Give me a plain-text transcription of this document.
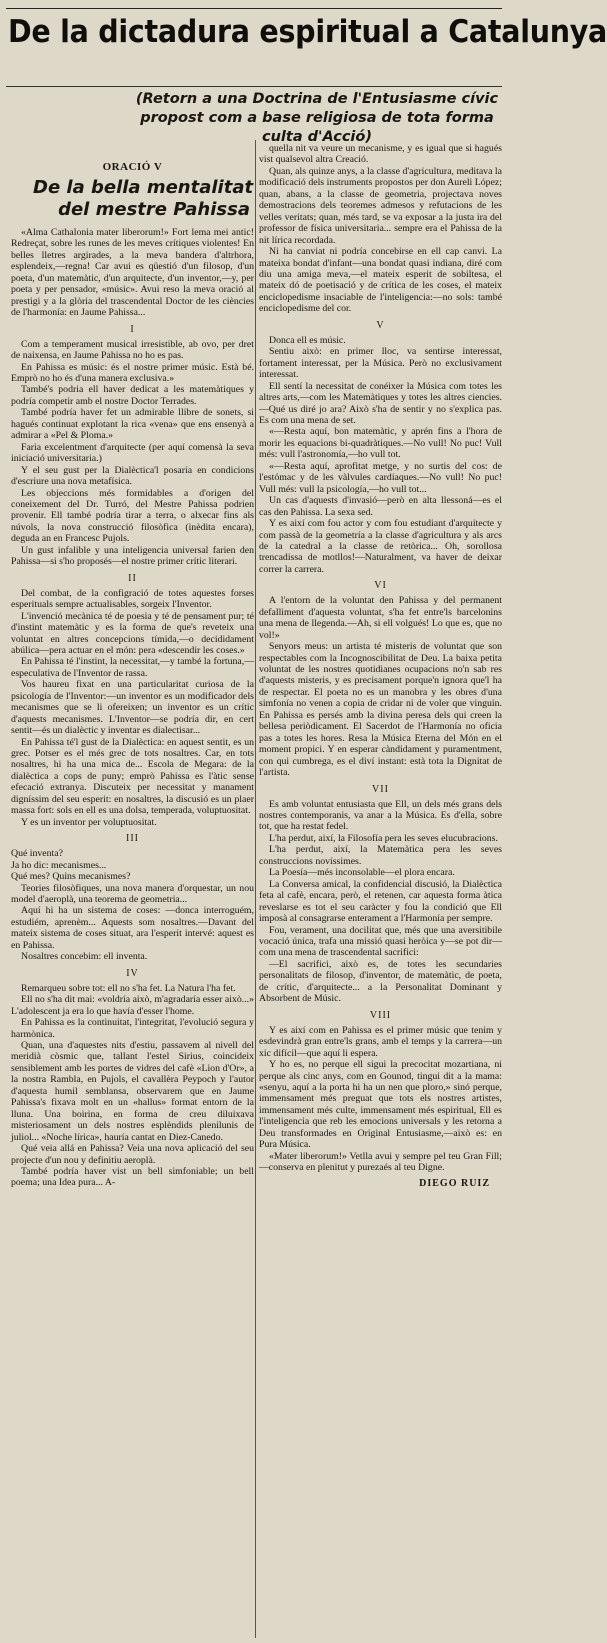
De la dictadura espiritual a Catalunya
(Retorn a una Doctrina de l'Entusiasme cívic propost com a base religiosa de tota forma culta d'Acció)
ORACIÓ V
De la bella mentalitat
del mestre Pahissa

«Alma Cathalonia mater liberorum!» Fort lema mei antic! Redreçat, sobre les runes de les meves crítiques violentes! En belles lletres argirades, a la meva bandera d'altrhora, esplendeix,—regna! Car avui es qüestió d'un filosop, d'un poeta, d'un matemàtic, d'un arquitecte, d'un inventor,—y, per poeta y per pensador, «músic». Avui reso la meva oració al prestigi y a la glòria del trascendental Doctor de les ciències de l'harmonía: en Jaume Pahissa...

I

Com a temperament musical irresistible, ab ovo, per dret de naixensa, en Jaume Pahissa no ho es pas.

En Pahissa es músic: és el nostre primer músic. Està bé. Emprò no ho és d'una manera exclusiva.»

També's podria ell haver dedicat a les matemàtiques y podría competir amb el nostre Doctor Terrades.

També podría haver fet un admirable llibre de sonets, si hagués continuat explotant la rica «vena» que ens ensenyà a admirar a «Pel & Ploma.»

Faria excelentment d'arquitecte (per aquí comensà la seva iniciació universitaria.)

Y el seu gust per la Dialèctica'l posaría en condicions d'escriure una nova metafísica.

Les objeccions més formidables a d'origen del coneixement del Dr. Turró, del Mestre Pahissa podrien provenir. Ell també podría tirar a terra, o alxecar fins als núvols, la nova construcció filosòfica (inèdita encara), deguda an en Francesc Pujols.

Un gust infalible y una inteligencia universal farien den Pahissa—si s'ho proposés—el nostre primer crític literari.

II

Del combat, de la configració de totes aquestes forses esperituals sempre actualisables, sorgeix l'Inventor.

L'invenció mecànica té de poesia y té de pensament pur; té d'instint matemàtic y es la forma de que's reveteix una voluntat en altres concepcions tímida,—o decididament abúlica—pera actuar en el món: pera «descendir les coses.»

En Pahissa té l'instint, la necessitat,—y també la fortuna,—especulativa de l'Inventor de rassa.

Vos haureu fixat en una particularitat curiosa de la psicología de l'Inventor:—un inventor es un modificador dels mecanismes que se li ofereixen; un inventor es un crític d'aquests mecanismes. L'Inventor—se podría dir, en cert sentit—és un dialèctic y inventar es dialectisar...

En Pahissa té'l gust de la Dialèctica: en aquest sentit, es un grec. Potser es el més grec de tots nosaltres. Car, en tots nosaltres, hi ha una mica de... Escola de Megara: de la dialèctica a cops de puny; emprò Pahissa es l'àtic sense efecació extranya. Discuteix per necessitat y manament digníssim del seu esperit: en nosaltres, la discusió es un plaer massa fort: sols en ell es una dolsa, temperada, voluptuositat.

Y es un inventor per voluptuositat.

III

Qué inventa?

Ja ho dic: mecanismes...

Qué mes? Quins mecanismes?

Teories filosòfiques, una nova manera d'orquestar, un nou model d'aeroplà, una teorema de geometria...

Aquí hi ha un sistema de coses: —donca interroguém, estudiém, aprenèm... Aquests som nosaltres.—Davant del mateix sistema de coses situat, ara l'esperit intervé: aquest es en Pahissa.

Nosaltres concebim: ell inventa.

IV

Remarqueu sobre tot: ell no s'ha fet. La Natura l'ha fet.

Ell no s'ha dit mai: «voldría això, m'agradaría esser això...» L'adolescent ja era lo que havía d'esser l'home.

En Pahissa es la continuitat, l'integritat, l'evolució segura y harmònica.

Quan, una d'aquestes nits d'estiu, passavem al nivell del meridià còsmic que, tallant l'estel Sirius, coincideix sensiblement amb les portes de vidres del cafè «Lion d'Or», a la nostra Rambla, en Pujols, el cavallèra Peypoch y l'autor d'aquesta humil semblansa, observarem que en Jaume Pahissa's fixava molt en un «hallus» format entorn de la lluna. Una boirina, en forma de creu diluixava misteriosament un dels nostres esplèndids plenilunis de juliol... «Noche lírica», hauría cantat en Diez-Canedo.

Qué veia allá en Pahissa? Veia una nova aplicació del seu projecte d'un nou y definitiu aeroplà.

També podría haver vist un bell simfoniable; un bell poema; una Idea pura... A-

quella nit va veure un mecanisme, y es igual que si hagués vist qualsevol altra Creació.

Quan, als quinze anys, a la classe d'agricultura, meditava la modificació dels instruments propostos per don Aureli López; quan, abans, a la classe de geometria, projectava noves demostracions dels teoremes admesos y refutacions de les velles veritats; quan, més tard, se va exposar a la justa ira del professor de física universitaria... sempre era el Pahissa de la nit lírica recordada.

Ni ha canviat ni podría concebirse en ell cap canvi. La mateixa bondat d'infant—una bondat quasi indiana, diré com diu una amiga meva,—el mateix esperit de sobiltesa, el mateix dó de poetisació y de crítica de les coses, el mateix enciclopedisme insaciable de l'inteligencia:—no sols: també enciclopedisme del cor.

V

Donca ell es músic.

Sentiu això: en primer lloc, va sentirse interessat, fortament interessat, per la Música. Però no exclusivament interessat.

Ell sentí la necessitat de conéixer la Música com totes les altres arts,—com les Matemàtiques y totes les altres ciencies.—Qué us diré jo ara? Això s'ha de sentir y no s'explica pas. Es com una mena de set.

«—Resta aquí, bon matemàtic, y aprén fins a l'hora de morir les equacions bi-quadràtiques.—No vull! No puc! Vull més: vull l'astronomía,—ho vull tot.

«—Resta aquí, aprofitat metge, y no surtis del cos: de l'estómac y de les vàlvules cardíaques.—No vull! No puc! Vull més: vull la psicología,—ho vull tot...

Un cas d'aquests d'invasió—però en alta llessoná—es el cas den Pahissa. La sexa sed.

Y es així com fou actor y com fou estudiant d'arquitecte y com passà de la geometría a la classe d'agricultura y als arcs de la catedral a la classe de retòrica... Oh, sorollosa trencadissa de motllos!—Naturalment, va haver de deixar correr la carrera.

VI

A l'entorn de la voluntat den Pahissa y del permanent defalliment d'aquesta voluntat, s'ha fet entre'ls barcelonins una mena de llegenda.—Ah, si ell volgués! Lo que es, que no vol!»

Senyors meus: un artista té misteris de voluntat que son respectables com la Incognoscibilitat de Deu. La baixa petita voluntat de les nostres quotidianes ocupacions no'n sab res d'aquests misteris, y es precisament porque'n ignora que'l ha de respectar. El poeta no es un manobra y les obres d'una simfonía no venen a copia de cridar ni de voler que vinguin. En Pahissa es persés amb la divina peresa dels qui creen la bellesa periòdicament. El Sacerdot de l'Harmonía no oficia pas a totes les hores. Resa la Música Eterna del Món en el moment propici. Y en esperar càndidament y puramentment, con qui cumbrega, es el diví instant: està tota la Dignitat de l'artista.

VII

Es amb voluntat entusiasta que Ell, un dels més grans dels nostres contemporanis, va anar a la Música. Es d'ella, sobre tot, que ha restat fedel.

L'ha perdut, així, la Filosofía pera les seves elucubracions.

L'ha perdut, així, la Matemàtica pera les seves construccions novíssimes.

La Poesía—més inconsolable—el plora encara.

La Conversa amical, la confidencial discusió, la Dialèctica feta al cafè, encara, però, el retenen, car aquesta forma àtica reveslarse es tot el seu caràcter y fou la condició que Ell imposà al consagrarse enterament a l'Harmonía per sempre.

Fou, verament, una docilitat que, més que una aversitibile vocació única, trafa una missió quasi heròica y—se pot dir—com una mena de trascendental sacrifici:

—El sacrifici, això es, de totes les secundaries personalitats de filosop, d'inventor, de matemàtic, de poeta, de crític, d'arquitecte... a la Personalitat Dominant y Absorbent de Músic.

VIII

Y es així com en Pahissa es el primer músic que tenim y esdevindrà gran entre'ls grans, amb el temps y la carrera—un xic difícil—que aquí li espera.

Y ho es, no perque ell sigui la precocitat mozartiana, ni perque als cinc anys, com en Gounod, tingui dit a la mama: «senyu, aquí a la porta hi ha un nen que ploro,» sinó perque, immensament més preguat que tots els nostres artistes, immensament més culte, immensament més espiritual, Ell es l'inteligencia que reb les emocions universals y les retorna a Deu transformades en Original Entusiasme,—això es: en Pura Música.

«Mater liberorum!» Vetlla avui y sempre pel teu Gran Fill;—conserva en plenitut y purezaés al teu Digne.

DIEGO RUIZ
